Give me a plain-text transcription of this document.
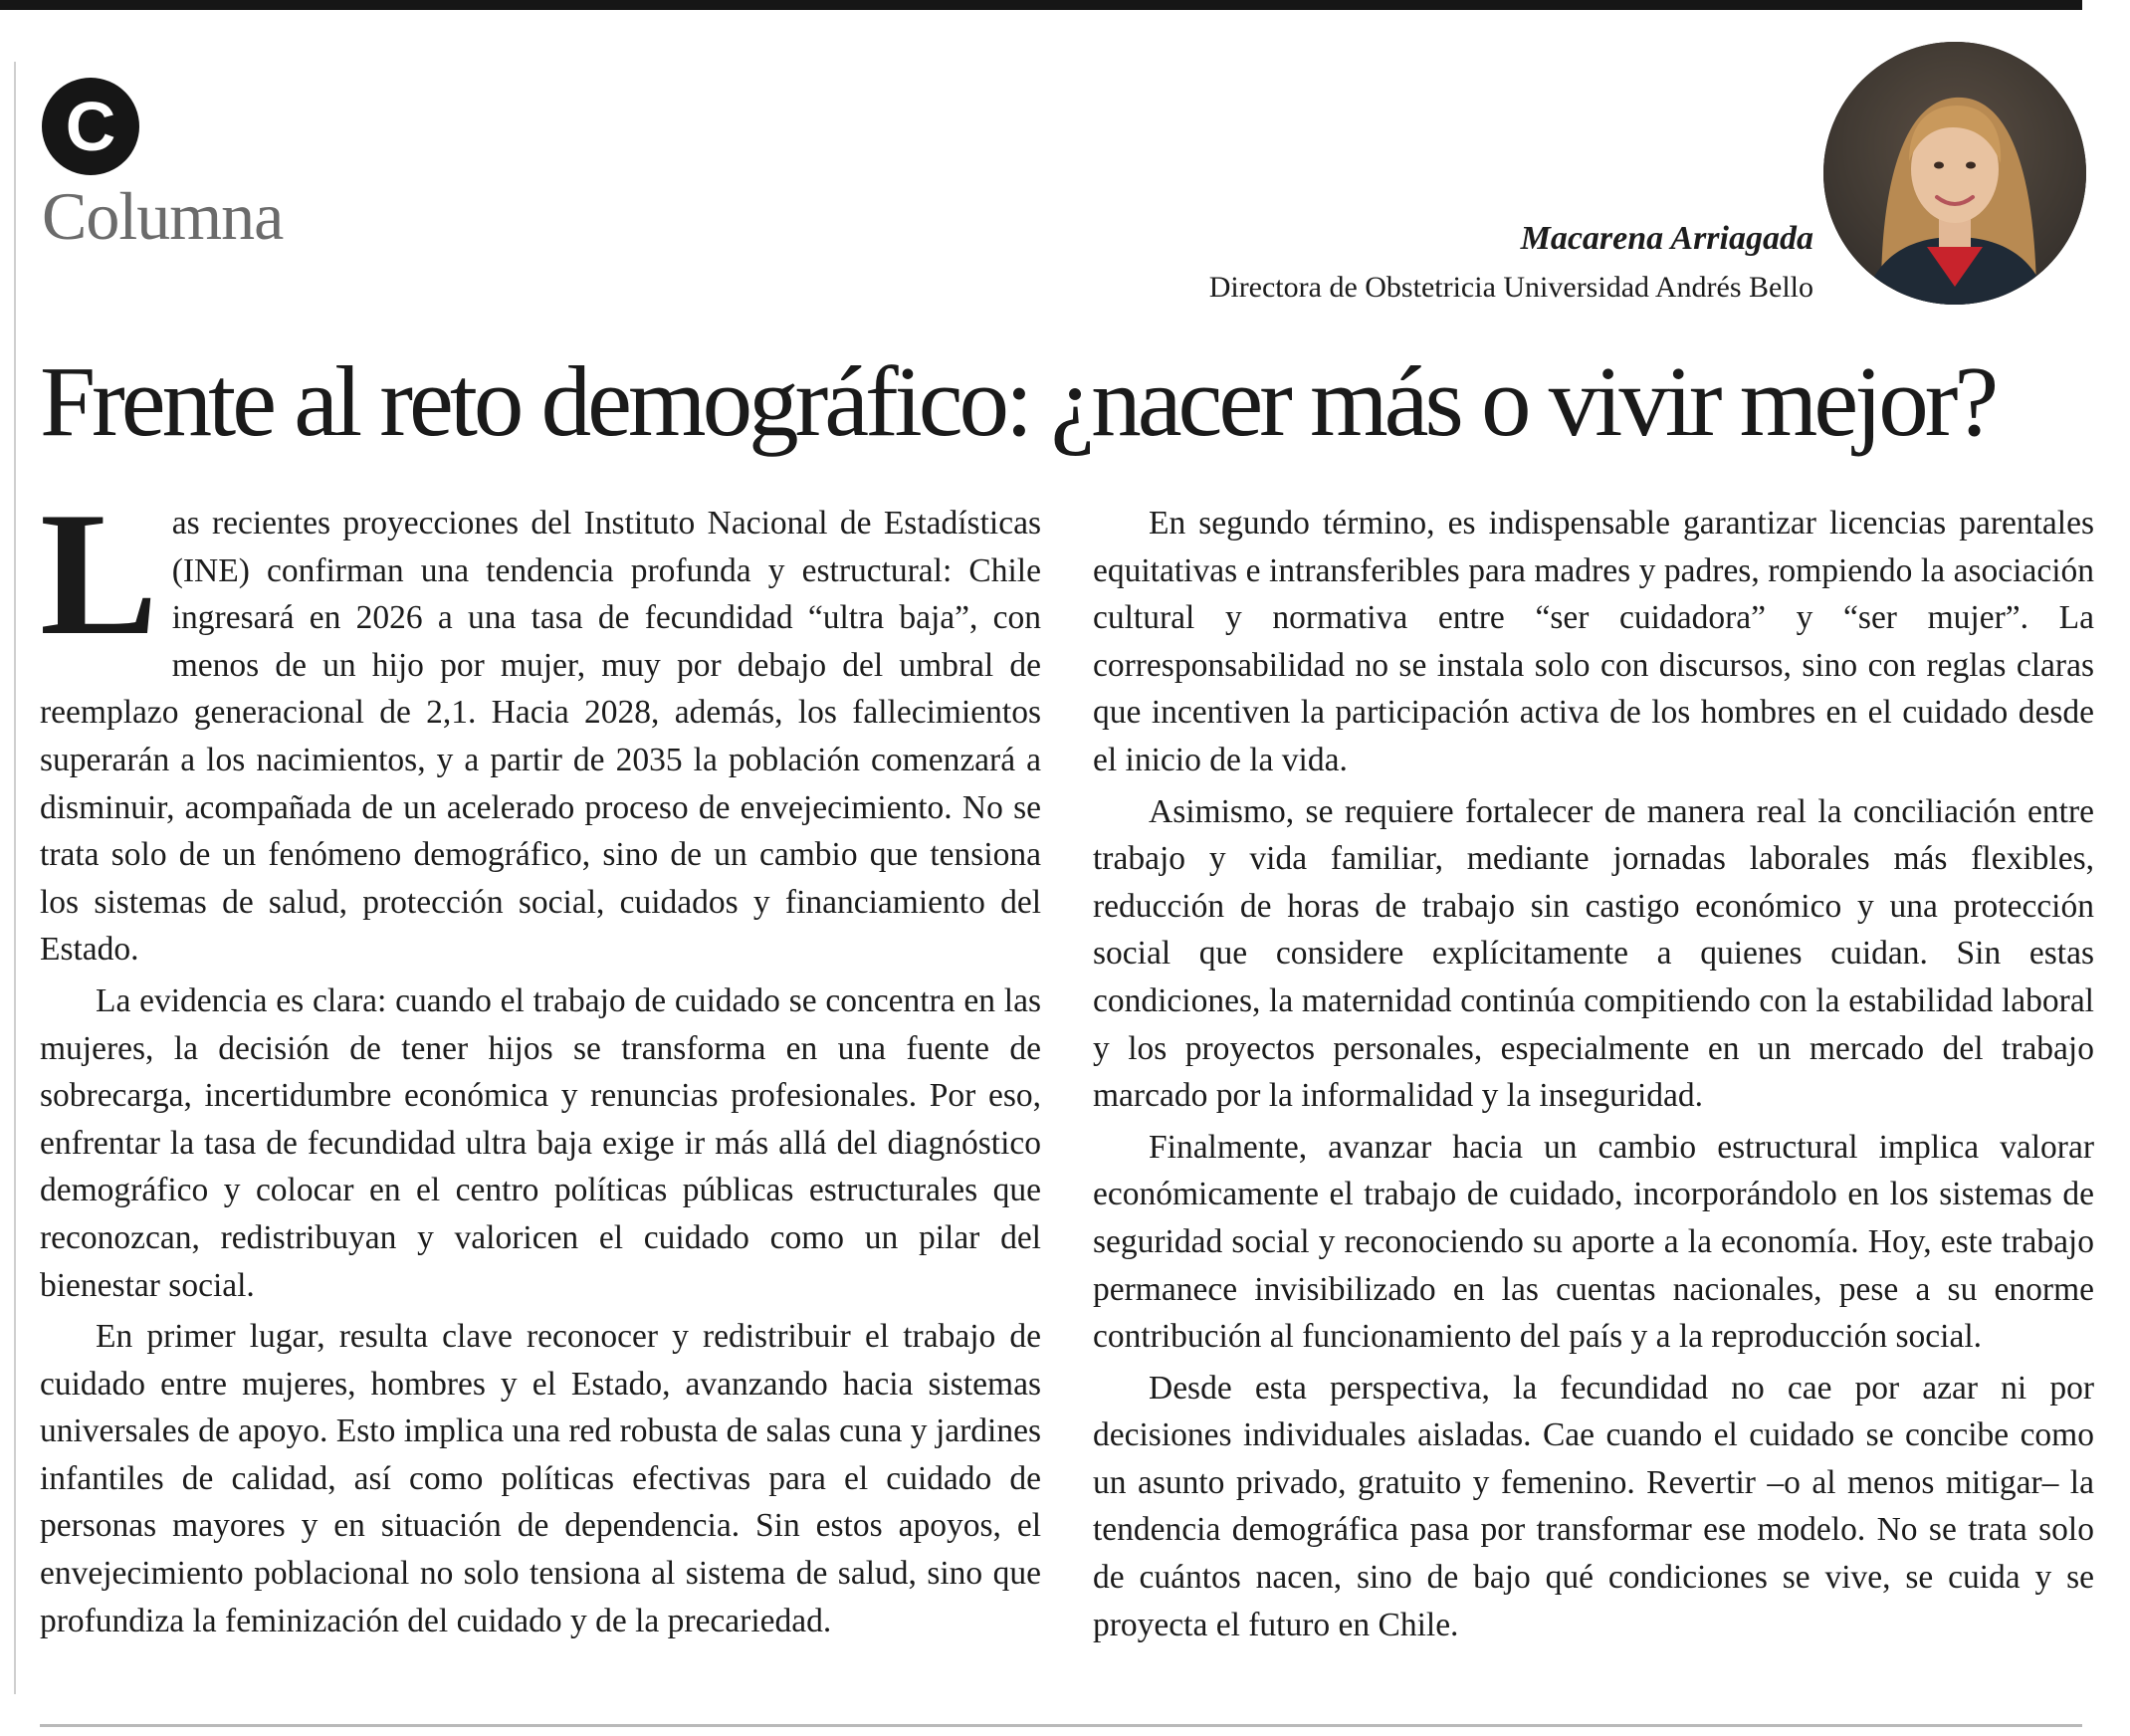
C
Columna	Macarena Arriagada
Directora de Obstetricia Universidad Andrés Bello
Frente al reto demográfico: ¿nacer más o vivir mejor?

Las recientes proyecciones del Instituto Nacional de Estadísticas (INE) confirman una tendencia profunda y estructural: Chile ingresará en 2026 a una tasa de fecundidad “ultra baja”, con menos de un hijo por mujer, muy por debajo del umbral de reemplazo generacional de 2,1. Hacia 2028, además, los fallecimientos superarán a los nacimientos, y a partir de 2035 la población comenzará a disminuir, acompañada de un acelerado proceso de envejecimiento. No se trata solo de un fenómeno demográfico, sino de un cambio que tensiona los sistemas de salud, protección social, cuidados y financiamiento del Estado.

La evidencia es clara: cuando el trabajo de cuidado se concentra en las mujeres, la decisión de tener hijos se transforma en una fuente de sobrecarga, incertidumbre económica y renuncias profesionales. Por eso, enfrentar la tasa de fecundidad ultra baja exige ir más allá del diagnóstico demográfico y colocar en el centro políticas públicas estructurales que reconozcan, redistribuyan y valoricen el cuidado como un pilar del bienestar social.

En primer lugar, resulta clave reconocer y redistribuir el trabajo de cuidado entre mujeres, hombres y el Estado, avanzando hacia sistemas universales de apoyo. Esto implica una red robusta de salas cuna y jardines infantiles de calidad, así como políticas efectivas para el cuidado de personas mayores y en situación de dependencia. Sin estos apoyos, el envejecimiento poblacional no solo tensiona al sistema de salud, sino que profundiza la feminización del cuidado y de la precariedad.

En segundo término, es indispensable garantizar licencias parentales equitativas e intransferibles para madres y padres, rompiendo la asociación cultural y normativa entre “ser cuidadora” y “ser mujer”. La corresponsabilidad no se instala solo con discursos, sino con reglas claras que incentiven la participación activa de los hombres en el cuidado desde el inicio de la vida.

Asimismo, se requiere fortalecer de manera real la conciliación entre trabajo y vida familiar, mediante jornadas laborales más flexibles, reducción de horas de trabajo sin castigo económico y una protección social que considere explícitamente a quienes cuidan. Sin estas condiciones, la maternidad continúa compitiendo con la estabilidad laboral y los proyectos personales, especialmente en un mercado del trabajo marcado por la informalidad y la inseguridad.

Finalmente, avanzar hacia un cambio estructural implica valorar económicamente el trabajo de cuidado, incorporándolo en los sistemas de seguridad social y reconociendo su aporte a la economía. Hoy, este trabajo permanece invisibilizado en las cuentas nacionales, pese a su enorme contribución al funcionamiento del país y a la reproducción social.

Desde esta perspectiva, la fecundidad no cae por azar ni por decisiones individuales aisladas. Cae cuando el cuidado se concibe como un asunto privado, gratuito y femenino. Revertir –o al menos mitigar– la tendencia demográfica pasa por transformar ese modelo. No se trata solo de cuántos nacen, sino de bajo qué condiciones se vive, se cuida y se proyecta el futuro en Chile.
